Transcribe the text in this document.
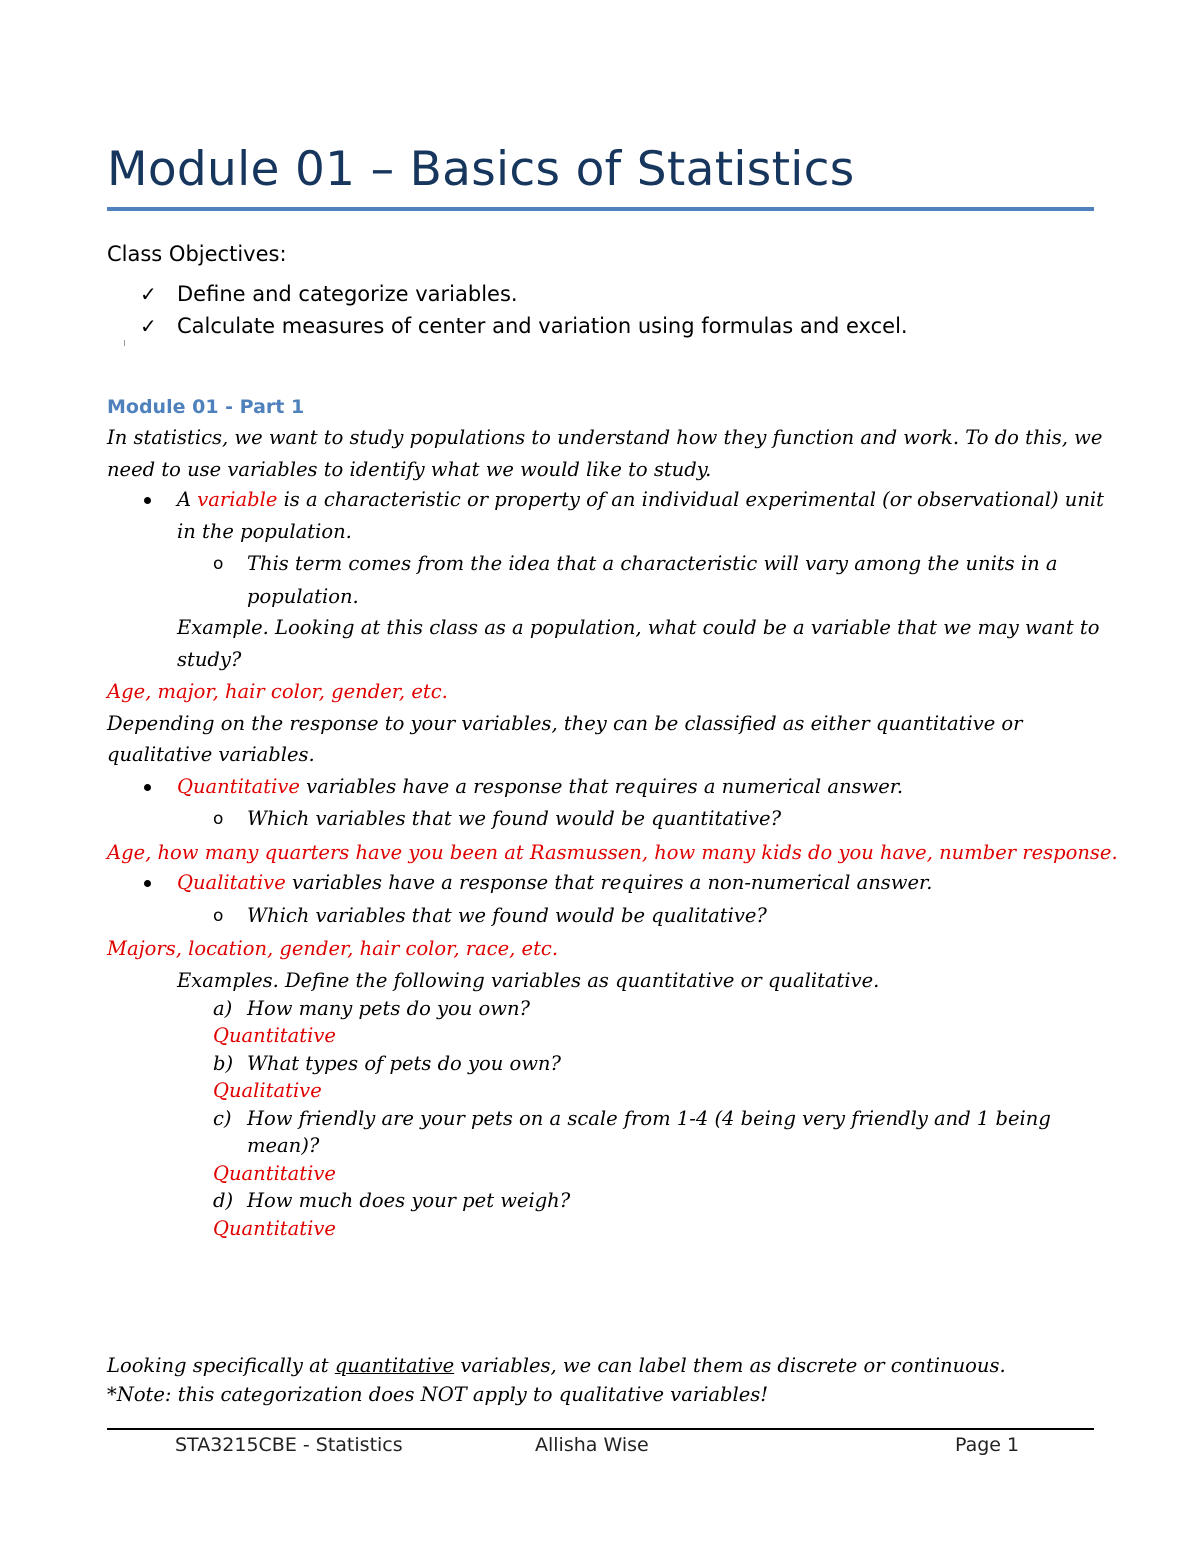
Module 01 – Basics of Statistics
Class Objectives:
✓ Define and categorize variables.
✓ Calculate measures of center and variation using formulas and excel.
Module 01 - Part 1
In statistics, we want to study populations to understand how they function and work. To do this, we
need to use variables to identify what we would like to study.
A variable is a characteristic or property of an individual experimental (or observational) unit
in the population.
o This term comes from the idea that a characteristic will vary among the units in a
population.
Example. Looking at this class as a population, what could be a variable that we may want to
study?
Age, major, hair color, gender, etc.
Depending on the response to your variables, they can be classified as either quantitative or
qualitative variables.
Quantitative variables have a response that requires a numerical answer.
o Which variables that we found would be quantitative?
Age, how many quarters have you been at Rasmussen, how many kids do you have, number response.
Qualitative variables have a response that requires a non-numerical answer.
o Which variables that we found would be qualitative?
Majors, location, gender, hair color, race, etc.
Examples. Define the following variables as quantitative or qualitative.
a) How many pets do you own?
Quantitative
b) What types of pets do you own?
Qualitative
c) How friendly are your pets on a scale from 1-4 (4 being very friendly and 1 being
mean)?
Quantitative
d) How much does your pet weigh?
Quantitative
Looking specifically at quantitative variables, we can label them as discrete or continuous.
*Note: this categorization does NOT apply to qualitative variables!
STA3215CBE - Statistics	Allisha Wise	Page 1
